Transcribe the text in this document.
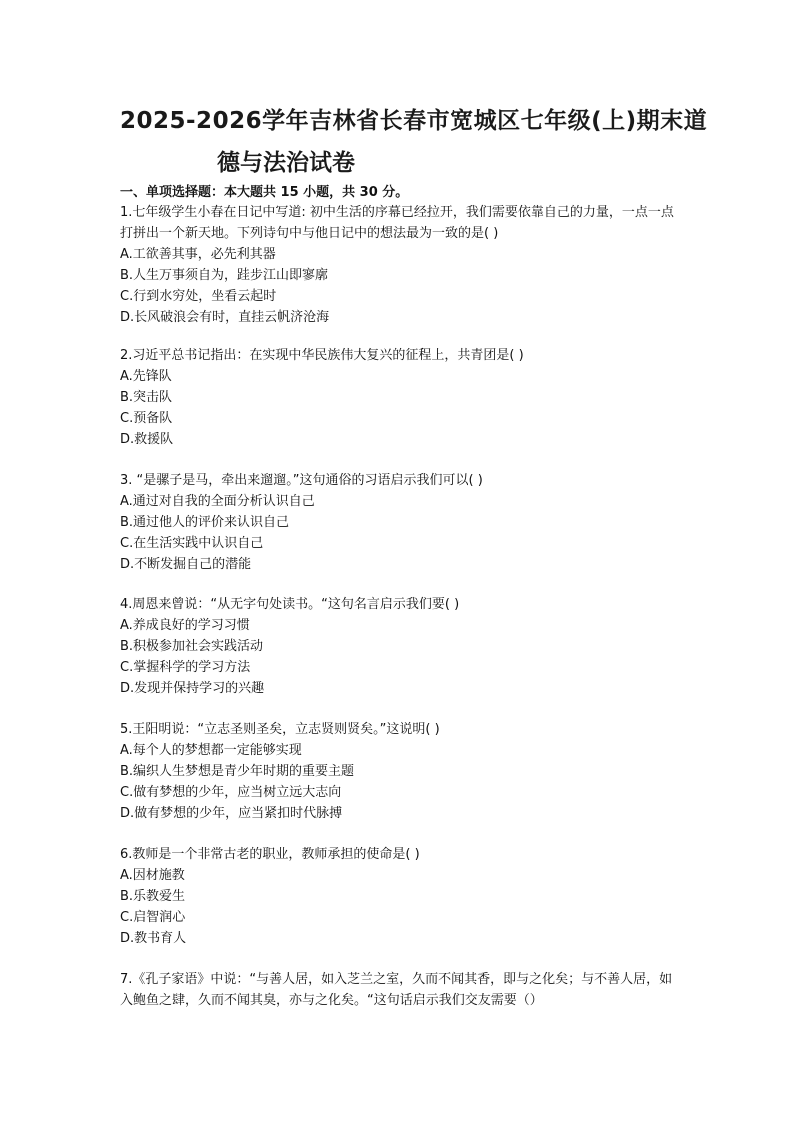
2025-2026学年吉林省长春市宽城区七年级(上)期末道
德与法治试卷
一、单项选择题：本大题共 15 小题，共 30 分。

1.七年级学生小春在日记中写道: 初中生活的序幕已经拉开，我们需要依靠自己的力量，一点一点打拼出一个新天地。下列诗句中与他日记中的想法最为一致的是( )

A.工欲善其事，必先利其器

B.人生万事须自为，跬步江山即寥廓

C.行到水穷处，坐看云起时

D.长风破浪会有时，直挂云帆济沧海

2.习近平总书记指出：在实现中华民族伟大复兴的征程上，共青团是( )

A.先锋队

B.突击队

C.预备队

D.救援队

3. “是骡子是马，牵出来遛遛。”这句通俗的习语启示我们可以( )

A.通过对自我的全面分析认识自己

B.通过他人的评价来认识自己

C.在生活实践中认识自己

D.不断发掘自己的潜能

4.周恩来曾说：“从无字句处读书。“这句名言启示我们要( )

A.养成良好的学习习惯

B.积极参加社会实践活动

C.掌握科学的学习方法

D.发现并保持学习的兴趣

5.王阳明说：“立志圣则圣矣，立志贤则贤矣。”这说明( )

A.每个人的梦想都一定能够实现

B.编织人生梦想是青少年时期的重要主题

C.做有梦想的少年，应当树立远大志向

D.做有梦想的少年，应当紧扣时代脉搏

6.教师是一个非常古老的职业，教师承担的使命是( )

A.因材施教

B.乐教爱生

C.启智润心

D.教书育人

7.《孔子家语》中说：“与善人居，如入芝兰之室，久而不闻其香，即与之化矣；与不善人居，如入鲍鱼之肆，久而不闻其臭，亦与之化矣。“这句话启示我们交友需要（）
